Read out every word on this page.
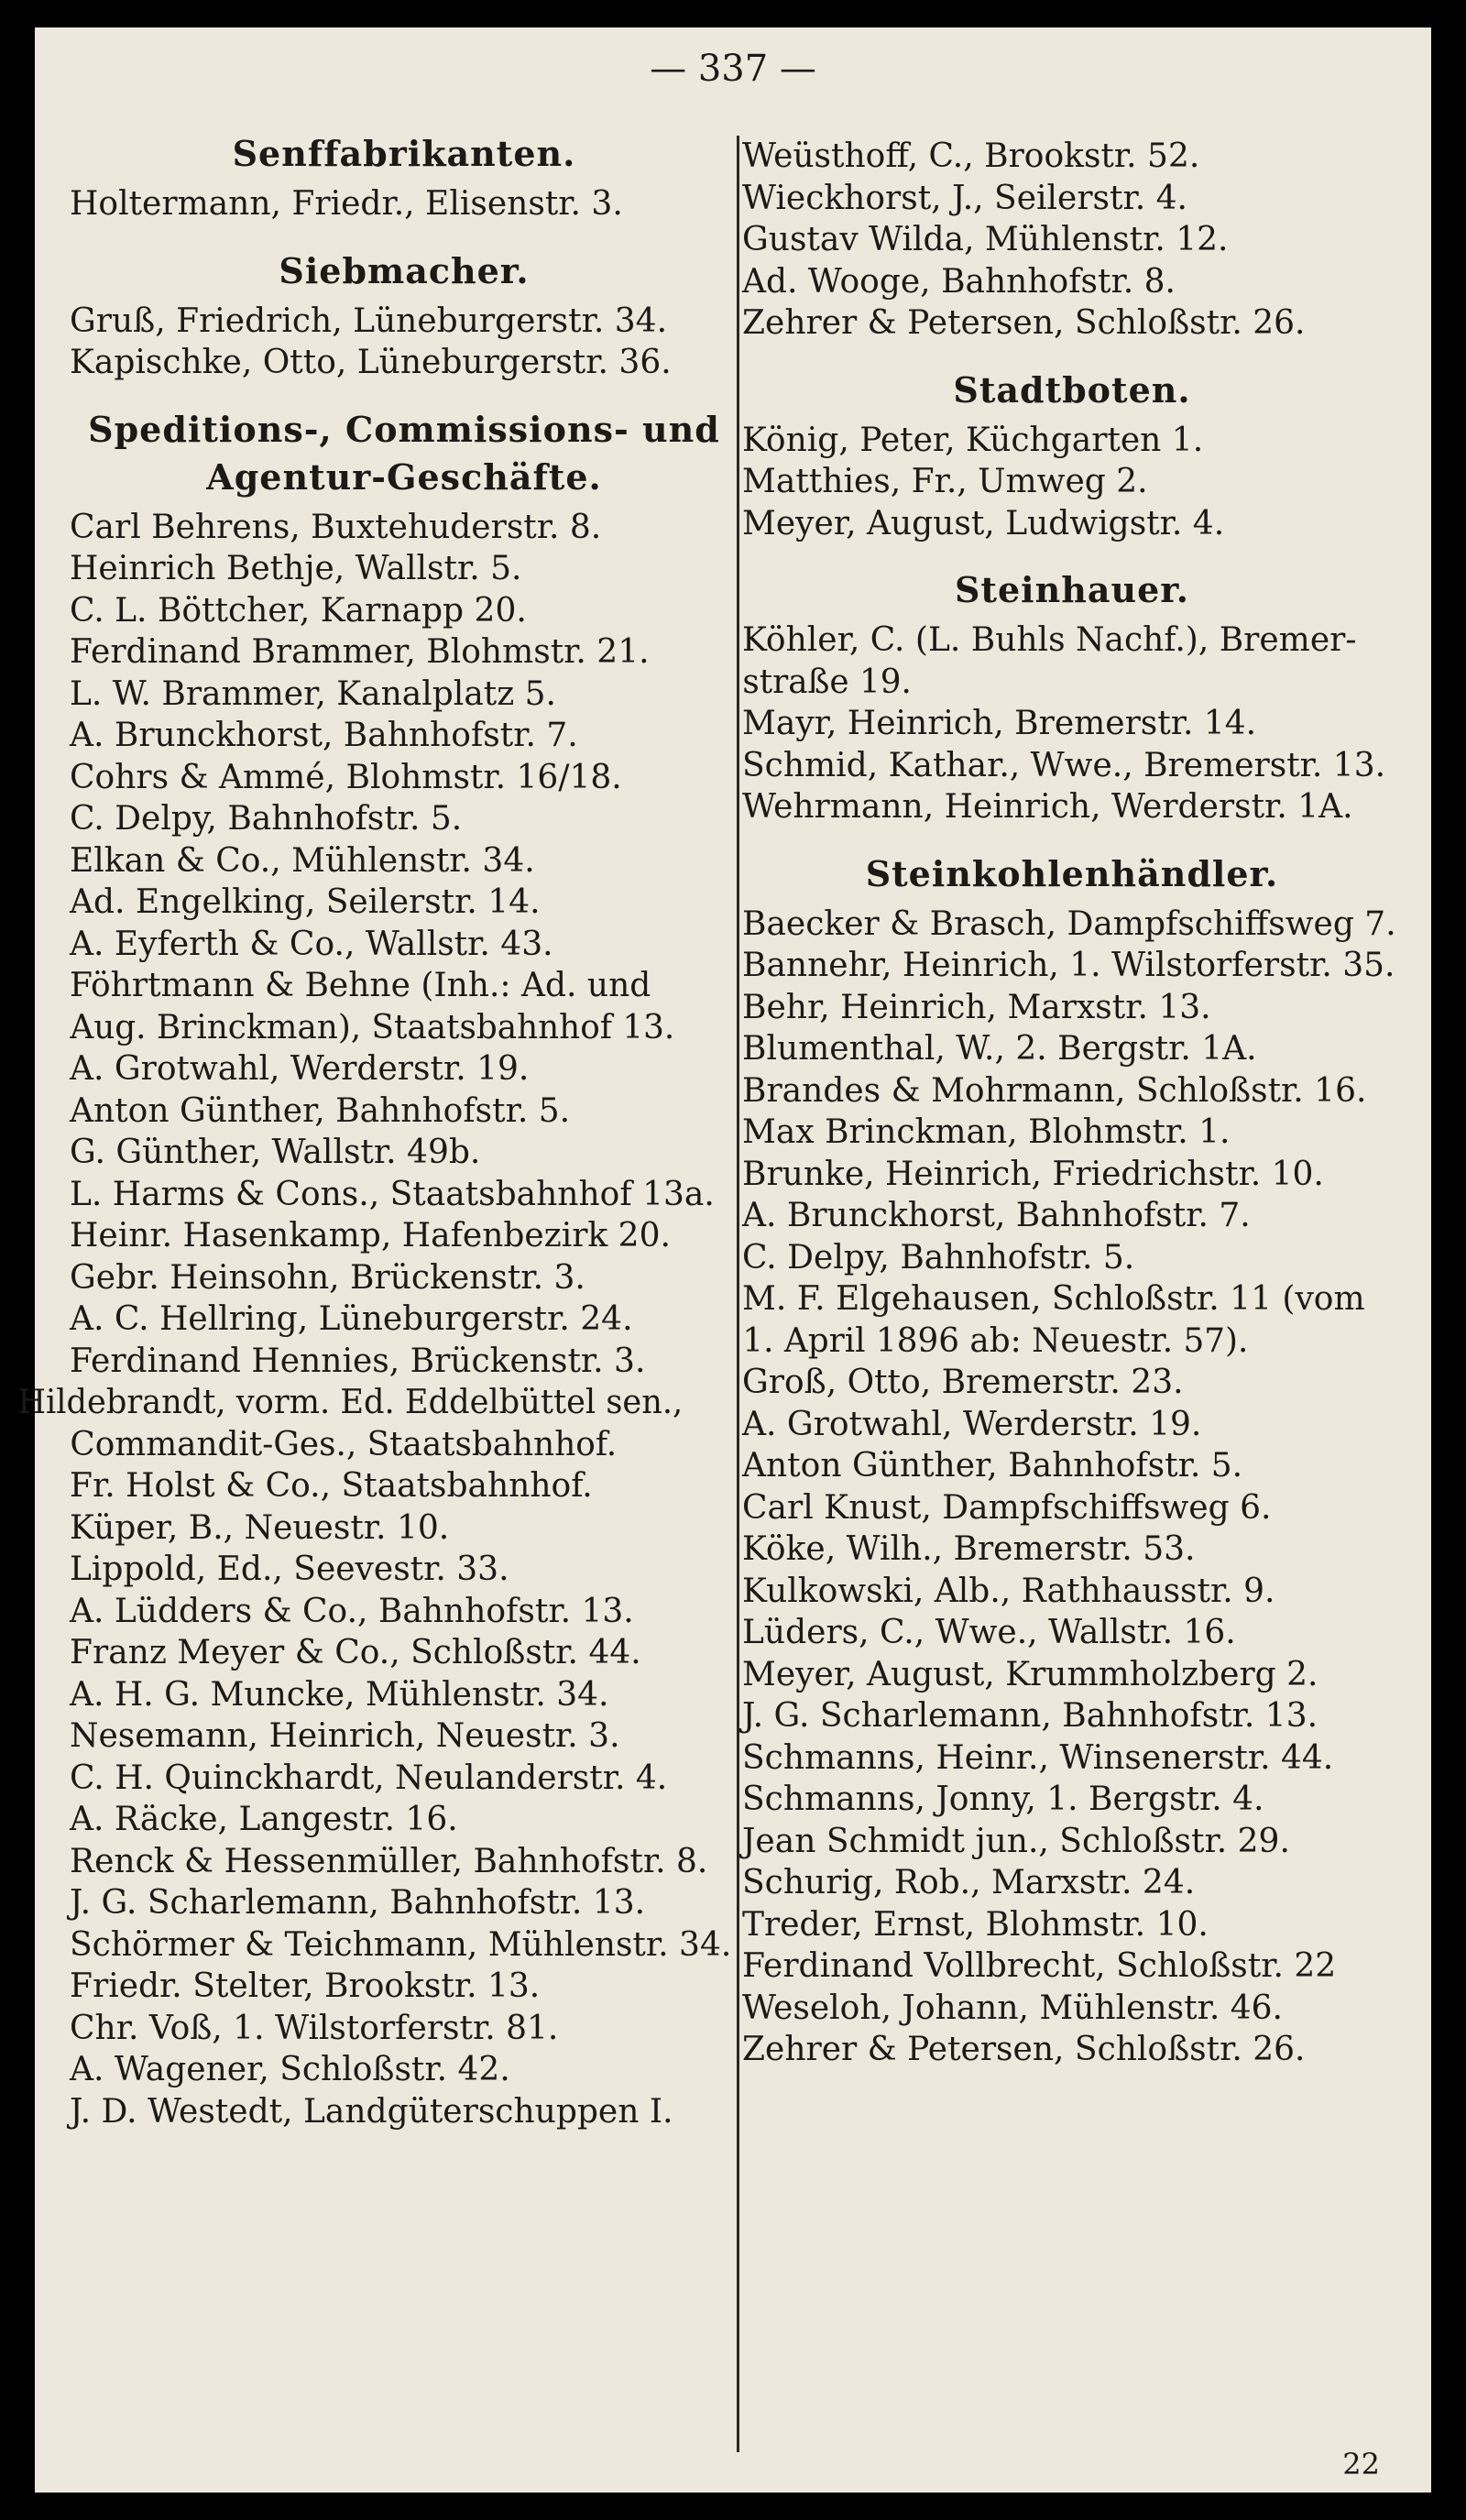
— 337 —
Senffabrikanten.
Holtermann, Friedr., Elisenstr. 3.
Siebmacher.
Gruß, Friedrich, Lüneburgerstr. 34.
Kapischke, Otto, Lüneburgerstr. 36.
Speditions-, Commissions- und
Agentur-Geschäfte.
Carl Behrens, Buxtehuderstr. 8.
Heinrich Bethje, Wallstr. 5.
C. L. Böttcher, Karnapp 20.
Ferdinand Brammer, Blohmstr. 21.
L. W. Brammer, Kanalplatz 5.
A. Brunckhorst, Bahnhofstr. 7.
Cohrs & Ammé, Blohmstr. 16/18.
C. Delpy, Bahnhofstr. 5.
Elkan & Co., Mühlenstr. 34.
Ad. Engelking, Seilerstr. 14.
A. Eyferth & Co., Wallstr. 43.
Föhrtmann & Behne (Inh.: Ad. und
Aug. Brinckman), Staatsbahnhof 13.
A. Grotwahl, Werderstr. 19.
Anton Günther, Bahnhofstr. 5.
G. Günther, Wallstr. 49b.
L. Harms & Cons., Staatsbahnhof 13a.
Heinr. Hasenkamp, Hafenbezirk 20.
Gebr. Heinsohn, Brückenstr. 3.
A. C. Hellring, Lüneburgerstr. 24.
Ferdinand Hennies, Brückenstr. 3.
Hildebrandt, vorm. Ed. Eddelbüttel sen.,
Commandit-Ges., Staatsbahnhof.
Fr. Holst & Co., Staatsbahnhof.
Küper, B., Neuestr. 10.
Lippold, Ed., Seevestr. 33.
A. Lüdders & Co., Bahnhofstr. 13.
Franz Meyer & Co., Schloßstr. 44.
A. H. G. Muncke, Mühlenstr. 34.
Nesemann, Heinrich, Neuestr. 3.
C. H. Quinckhardt, Neulanderstr. 4.
A. Räcke, Langestr. 16.
Renck & Hessenmüller, Bahnhofstr. 8.
J. G. Scharlemann, Bahnhofstr. 13.
Schörmer & Teichmann, Mühlenstr. 34.
Friedr. Stelter, Brookstr. 13.
Chr. Voß, 1. Wilstorferstr. 81.
A. Wagener, Schloßstr. 42.
J. D. Westedt, Landgüterschuppen I.
Weüsthoff, C., Brookstr. 52.
Wieckhorst, J., Seilerstr. 4.
Gustav Wilda, Mühlenstr. 12.
Ad. Wooge, Bahnhofstr. 8.
Zehrer & Petersen, Schloßstr. 26.
Stadtboten.
König, Peter, Küchgarten 1.
Matthies, Fr., Umweg 2.
Meyer, August, Ludwigstr. 4.
Steinhauer.
Köhler, C. (L. Buhls Nachf.), Bremer-
straße 19.
Mayr, Heinrich, Bremerstr. 14.
Schmid, Kathar., Wwe., Bremerstr. 13.
Wehrmann, Heinrich, Werderstr. 1A.
Steinkohlenhändler.
Baecker & Brasch, Dampfschiffsweg 7.
Bannehr, Heinrich, 1. Wilstorferstr. 35.
Behr, Heinrich, Marxstr. 13.
Blumenthal, W., 2. Bergstr. 1A.
Brandes & Mohrmann, Schloßstr. 16.
Max Brinckman, Blohmstr. 1.
Brunke, Heinrich, Friedrichstr. 10.
A. Brunckhorst, Bahnhofstr. 7.
C. Delpy, Bahnhofstr. 5.
M. F. Elgehausen, Schloßstr. 11 (vom
1. April 1896 ab: Neuestr. 57).
Groß, Otto, Bremerstr. 23.
A. Grotwahl, Werderstr. 19.
Anton Günther, Bahnhofstr. 5.
Carl Knust, Dampfschiffsweg 6.
Köke, Wilh., Bremerstr. 53.
Kulkowski, Alb., Rathhausstr. 9.
Lüders, C., Wwe., Wallstr. 16.
Meyer, August, Krummholzberg 2.
J. G. Scharlemann, Bahnhofstr. 13.
Schmanns, Heinr., Winsenerstr. 44.
Schmanns, Jonny, 1. Bergstr. 4.
Jean Schmidt jun., Schloßstr. 29.
Schurig, Rob., Marxstr. 24.
Treder, Ernst, Blohmstr. 10.
Ferdinand Vollbrecht, Schloßstr. 22
Weseloh, Johann, Mühlenstr. 46.
Zehrer & Petersen, Schloßstr. 26.
22
